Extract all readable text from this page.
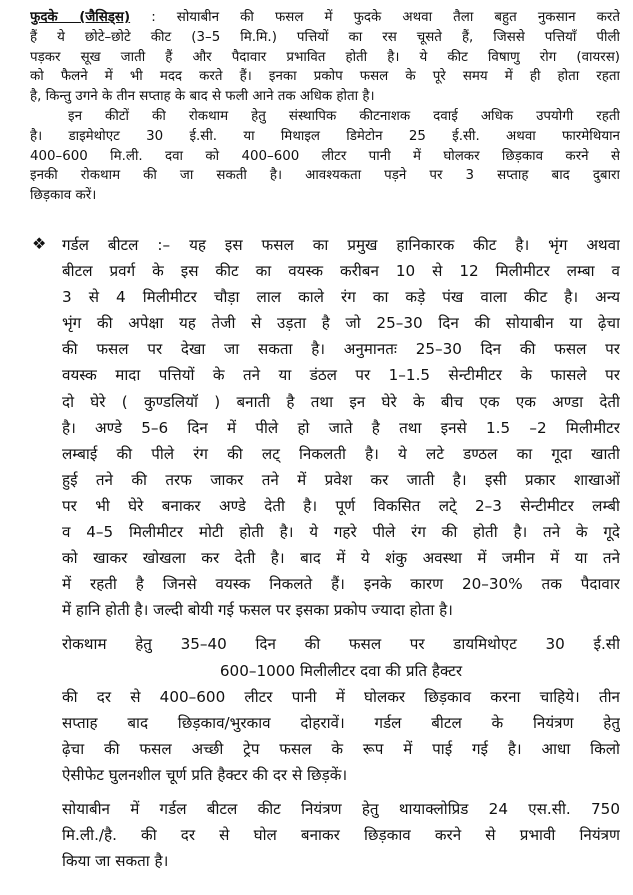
फुदके (जैसिड्स) : सोयाबीन की फसल में फुदके अथवा तैला बहुत नुकसान करते
हैं ये छोटे–छोटे कीट (3–5 मि.मि.) पत्तियों का रस चूसते हैं, जिससे पत्तियाँ पीली
पड़कर सूख जाती हैं और पैदावार प्रभावित होती है। ये कीट विषाणु रोग (वायरस)
को फैलने में भी मदद करते हैं। इनका प्रकोप फसल के पूरे समय में ही होता रहता
है, किन्तु उगने के तीन सप्ताह के बाद से फली आने तक अधिक होता है।
इन कीटों की रोकथाम हेतु संस्थापिक कीटनाशक दवाई अधिक उपयोगी रहती
है। डाइमेथोएट 30 ई.सी. या मिथाइल डिमेटोन 25 ई.सी. अथवा फारमेथियान
400–600 मि.ली. दवा को 400–600 लीटर पानी में घोलकर छिड़काव करने से
इनकी रोकथाम की जा सकती है। आवश्यकता पड़ने पर 3 सप्ताह बाद दुबारा
छिड़काव करें।
❖ गर्डल बीटल :– यह इस फसल का प्रमुख हानिकारक कीट है। भृंग अथवा
बीटल प्रवर्ग के इस कीट का वयस्क करीबन 10 से 12 मिलीमीटर लम्बा व
3 से 4 मिलीमीटर चौड़ा लाल काले रंग का कड़े पंख वाला कीट है। अन्य
भृंग की अपेक्षा यह तेजी से उड़ता है जो 25–30 दिन की सोयाबीन या ढ़ेचा
की फसल पर देखा जा सकता है। अनुमानतः 25–30 दिन की फसल पर
वयस्क मादा पत्तियों के तने या डंठल पर 1–1.5 सेन्टीमीटर के फासले पर
दो घेरे ( कुण्डलियॉ ) बनाती है तथा इन घेरे के बीच एक एक अण्डा देती
है। अण्डे 5–6 दिन में पीले हो जाते है तथा इनसे 1.5 –2 मिलीमीटर
लम्बाई की पीले रंग की लट् निकलती है। ये लटे डण्ठल का गूदा खाती
हुई तने की तरफ जाकर तने में प्रवेश कर जाती है। इसी प्रकार शाखाओं
पर भी घेरे बनाकर अण्डे देती है। पूर्ण विकसित लटे् 2–3 सेन्टीमीटर लम्बी
व 4–5 मिलीमीटर मोटी होती है। ये गहरे पीले रंग की होती है। तने के गूदे
को खाकर खोखला कर देती है। बाद में ये शंकु अवस्था में जमीन में या तने
में रहती है जिनसे वयस्क निकलते हैं। इनके कारण 20–30% तक पैदावार
में हानि होती है। जल्दी बोयी गई फसल पर इसका प्रकोप ज्यादा होता है।
रोकथाम हेतु 35–40 दिन की फसल पर डायमिथोएट 30 ई.सी
600–1000 मिलीलीटर दवा की प्रति हैक्टर
की दर से 400–600 लीटर पानी में घोलकर छिड़काव करना चाहिये। तीन
सप्ताह बाद छिड़काव/भुरकाव दोहरावें। गर्डल बीटल के नियंत्रण हेतु
ढ़ेचा की फसल अच्छी ट्रेप फसल के रूप में पाई गई है। आधा किलो
ऐसीफेट घुलनशील चूर्ण प्रति हैक्टर की दर से छिड़कें।
सोयाबीन में गर्डल बीटल कीट नियंत्रण हेतु थायाक्लोप्रिड 24 एस.सी. 750
मि.ली./है. की दर से घोल बनाकर छिड़काव करने से प्रभावी नियंत्रण
किया जा सकता है।
